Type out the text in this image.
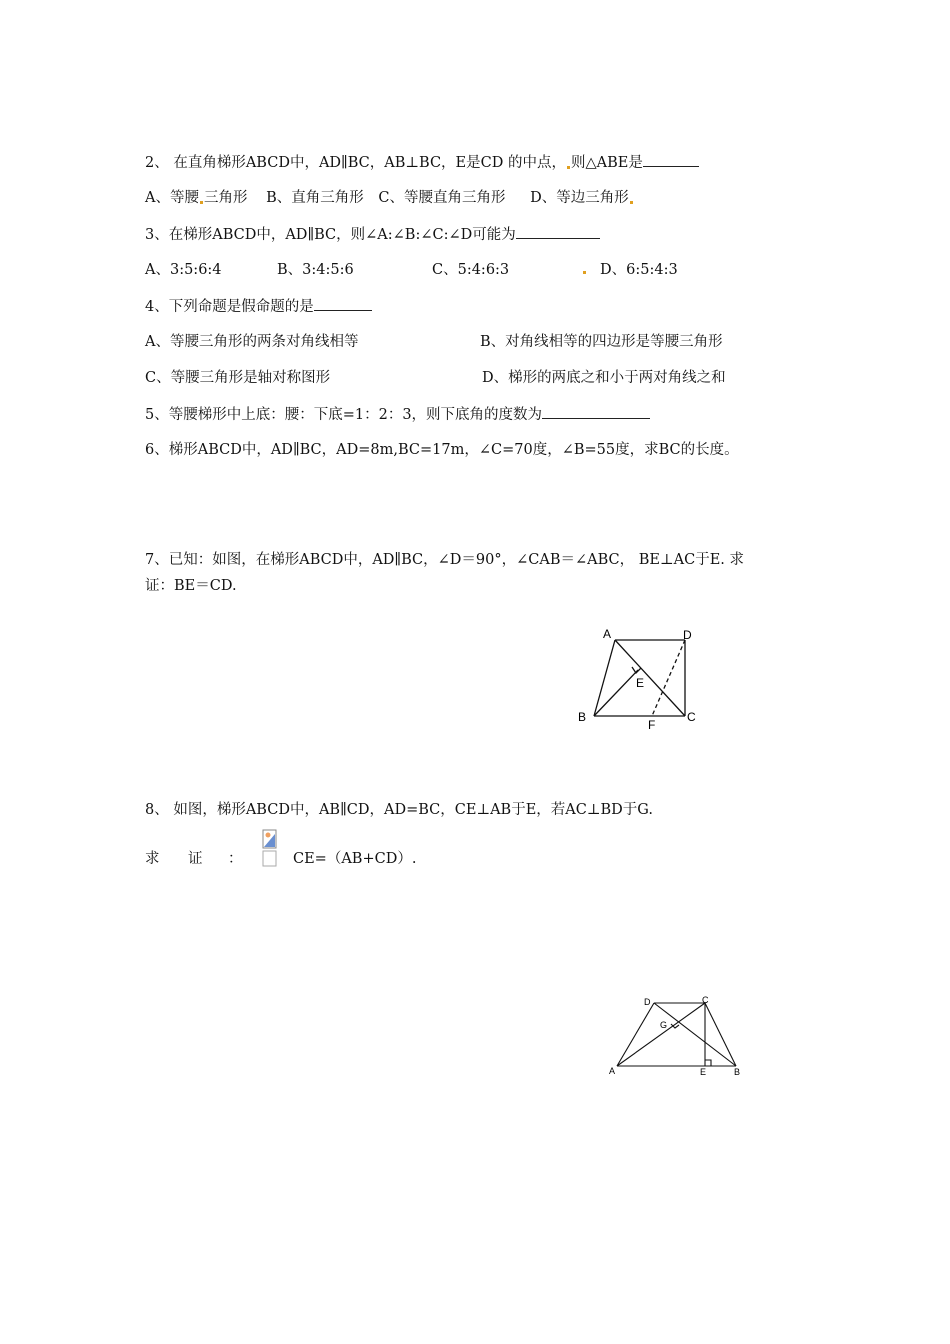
2、 在直角梯形ABCD中，AD∥BC，AB⊥BC，E是CD 的中点， 则△ABE是
A、等腰 三角形 B、直角三角形 C、等腰直角三角形 D、等边三角形
3、在梯形ABCD中，AD∥BC，则∠A:∠B:∠C:∠D可能为
A、3:5:6:4	B、3:4:5:6	C、5:4:6:3	D、6:5:4:3
4、下列命题是假命题的是
A、等腰三角形的两条对角线相等	B、对角线相等的四边形是等腰三角形
C、等腰三角形是轴对称图形	D、梯形的两底之和小于两对角线之和
5、等腰梯形中上底：腰：下底=1：2：3，则下底角的度数为
6、梯形ABCD中，AD∥BC，AD=8m,BC=17m，∠C=70度，∠B=55度，求BC的长度。
7、已知：如图，在梯形ABCD中，AD∥BC，∠D＝90°，∠CAB＝∠ABC， BE⊥AC于E. 求
证：BE＝CD.
A	D
E
B	C
F
8、 如图，梯形ABCD中，AB∥CD，AD=BC，CE⊥AB于E，若AC⊥BD于G.
求 证 ：	CE=（AB+CD）.
D	C
G
A	E	B
